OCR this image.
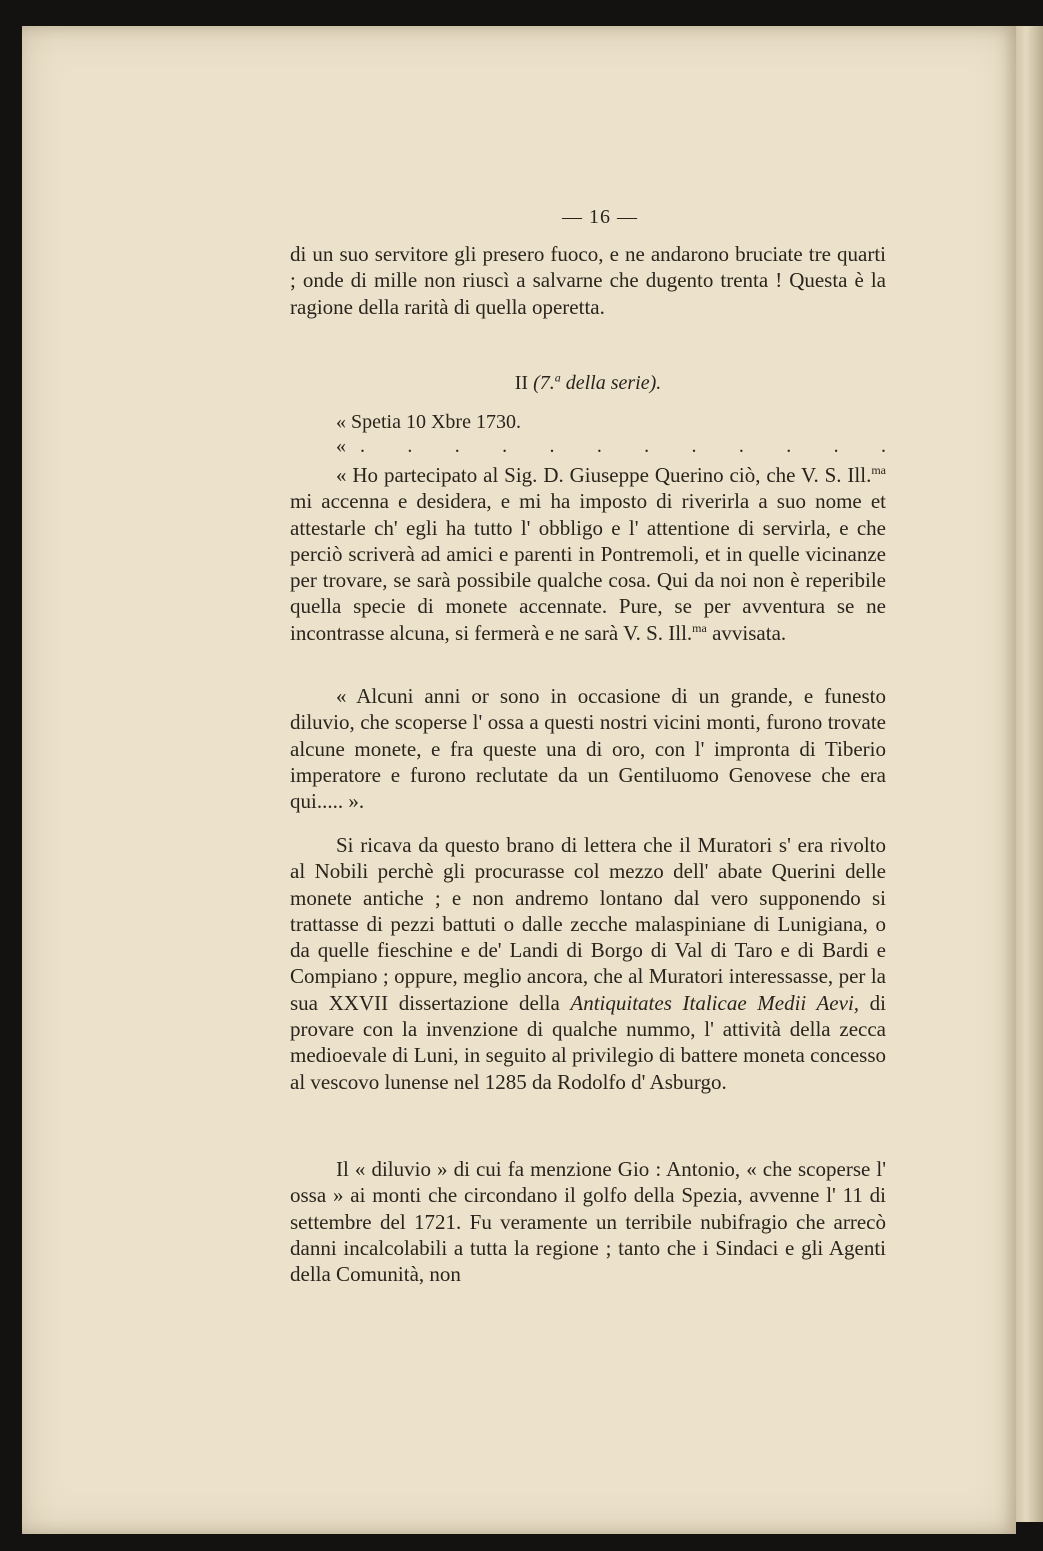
— 16 —

di un suo servitore gli presero fuoco, e ne andarono bruciate tre quarti ; onde di mille non riuscì a salvarne che dugento trenta ! Questa è la ragione della rarità di quella operetta.

II (7.$^a$ della serie).
« Spetia 10 Xbre 1730.
« . . . . . . . . . . . .

« Ho partecipato al Sig. D. Giuseppe Querino ciò, che V. S. Ill.$^{ma}$ mi accenna e desidera, e mi ha imposto di riverirla a suo nome et attestarle ch' egli ha tutto l' obbligo e l' attentione di servirla, e che perciò scriverà ad amici e parenti in Pontremoli, et in quelle vicinanze per trovare, se sarà possibile qualche cosa. Qui da noi non è reperibile quella specie di monete accennate. Pure, se per avventura se ne incontrasse alcuna, si fermerà e ne sarà V. S. Ill.$^{ma}$ avvisata.

« Alcuni anni or sono in occasione di un grande, e funesto diluvio, che scoperse l' ossa a questi nostri vicini monti, furono trovate alcune monete, e fra queste una di oro, con l' impronta di Tiberio imperatore e furono reclutate da un Gentiluomo Genovese che era qui..... ».

Si ricava da questo brano di lettera che il Muratori s' era rivolto al Nobili perchè gli procurasse col mezzo dell' abate Querini delle monete antiche ; e non andremo lontano dal vero supponendo si trattasse di pezzi battuti o dalle zecche malaspiniane di Lunigiana, o da quelle fieschine e de' Landi di Borgo di Val di Taro e di Bardi e Compiano ; oppure, meglio ancora, che al Muratori interessasse, per la sua XXVII dissertazione della Antiquitates Italicae Medii Aevi, di provare con la invenzione di qualche nummo, l' attività della zecca medioevale di Luni, in seguito al privilegio di battere moneta concesso al vescovo lunense nel 1285 da Rodolfo d' Asburgo.

Il « diluvio » di cui fa menzione Gio : Antonio, « che scoperse l' ossa » ai monti che circondano il golfo della Spezia, avvenne l' 11 di settembre del 1721. Fu veramente un terribile nubifragio che arrecò danni incalcolabili a tutta la regione ; tanto che i Sindaci e gli Agenti della Comunità, non
